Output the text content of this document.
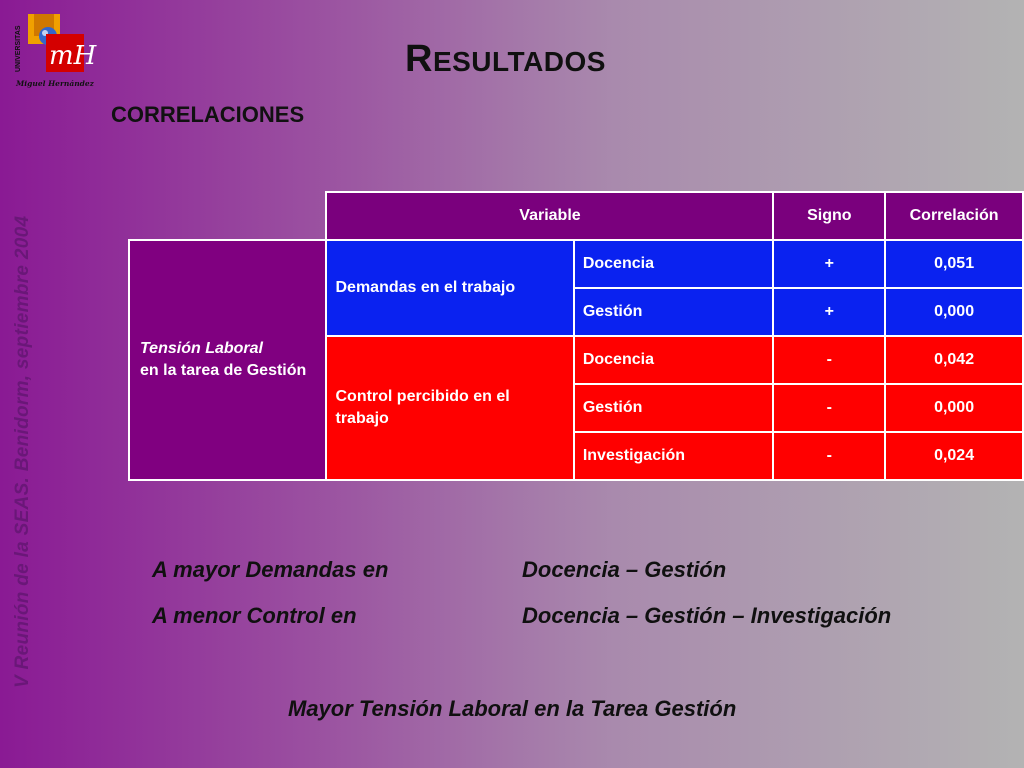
mH
UNIVERSITAS
Miguel Hernández
V Reunión de la SEAS. Benidorm, septiembre 2004
RESULTADOS
CORRELACIONES
	Variable		Signo	Correlación
Tensión Laboral
en la tarea de Gestión	Demandas en el trabajo	Docencia	+	0,051
		Gestión	+	0,000
	Control percibido en el trabajo	Docencia	-	0,042
		Gestión	-	0,000
		Investigación	-	0,024
A mayor Demandas en	Docencia – Gestión
A menor Control en	Docencia – Gestión – Investigación

Mayor Tensión Laboral en la Tarea Gestión
